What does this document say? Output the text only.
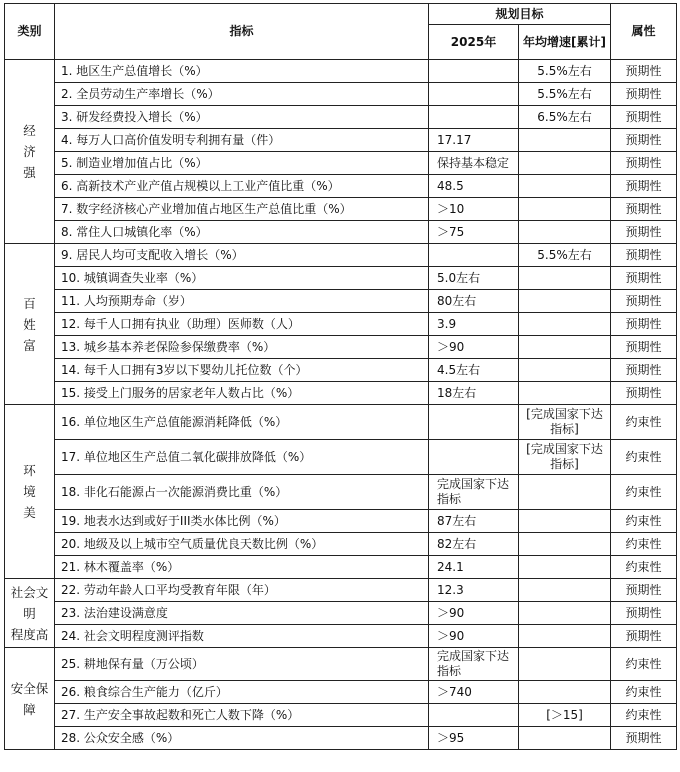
类别	指标	规划目标		属性
		2025年	年均增速[累计]	

经
济
强	1. 地区生产总值增长（%）		5.5%左右	预期性
	2. 全员劳动生产率增长（%）		5.5%左右	预期性
	3. 研发经费投入增长（%）		6.5%左右	预期性
	4. 每万人口高价值发明专利拥有量（件）	17.17		预期性
	5. 制造业增加值占比（%）	保持基本稳定		预期性
	6. 高新技术产业产值占规模以上工业产值比重（%）	48.5		预期性
	7. 数字经济核心产业增加值占地区生产总值比重（%）	＞10		预期性
	8. 常住人口城镇化率（%）	＞75		预期性

百
姓
富	9. 居民人均可支配收入增长（%）		5.5%左右	预期性
	10. 城镇调查失业率（%）	5.0左右		预期性
	11. 人均预期寿命（岁）	80左右		预期性
	12. 每千人口拥有执业（助理）医师数（人）	3.9		预期性
	13. 城乡基本养老保险参保缴费率（%）	＞90		预期性
	14. 每千人口拥有3岁以下婴幼儿托位数（个）	4.5左右		预期性
	15. 接受上门服务的居家老年人数占比（%）	18左右		预期性

环
境
美	16. 单位地区生产总值能源消耗降低（%）		[完成国家下达指标]	约束性
	17. 单位地区生产总值二氧化碳排放降低（%）		[完成国家下达指标]	约束性
	18. 非化石能源占一次能源消费比重（%）	完成国家下达指标		约束性
	19. 地表水达到或好于III类水体比例（%）	87左右		约束性
	20. 地级及以上城市空气质量优良天数比例（%）	82左右		约束性
	21. 林木覆盖率（%）	24.1		约束性

社会文明
程度高	22. 劳动年龄人口平均受教育年限（年）	12.3		预期性
	23. 法治建设满意度	＞90		预期性
	24. 社会文明程度测评指数	＞90		预期性

安全保障	25. 耕地保有量（万公顷）	完成国家下达指标		约束性
	26. 粮食综合生产能力（亿斤）	＞740		约束性
	27. 生产安全事故起数和死亡人数下降（%）		[＞15]	约束性
	28. 公众安全感（%）	＞95		预期性
